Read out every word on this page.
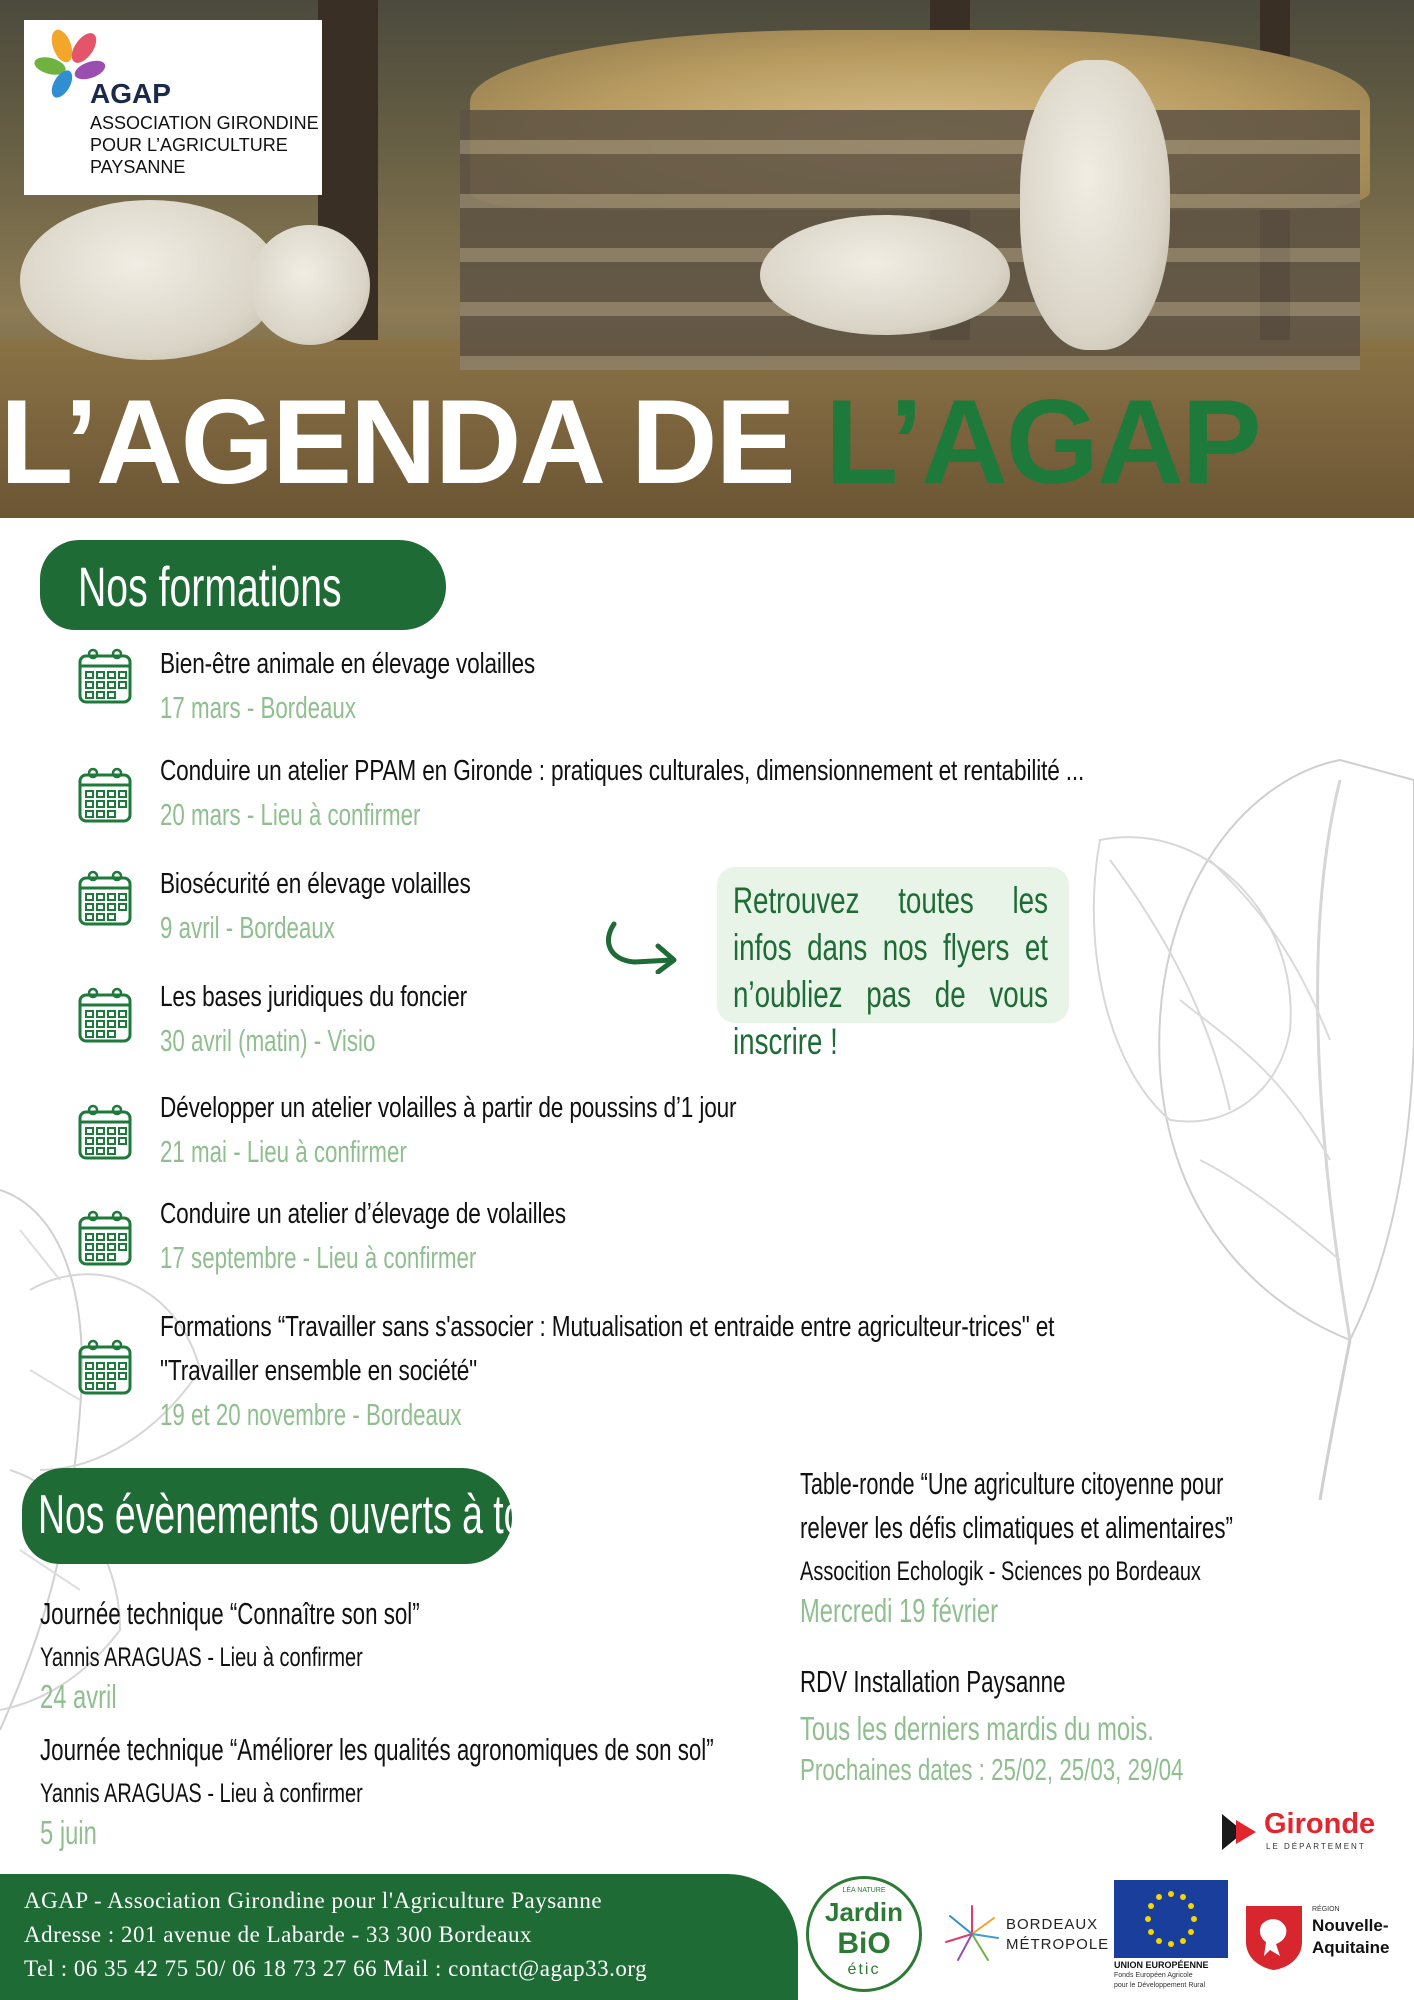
AGAP
ASSOCIATION GIRONDINE
POUR L’AGRICULTURE
PAYSANNE
L’AGENDA DE L’AGAP
Nos formations
Bien-être animale en élevage volailles
17 mars - Bordeaux
Conduire un atelier PPAM en Gironde : pratiques culturales, dimensionnement et rentabilité ...
20 mars - Lieu à confirmer
Biosécurité en élevage volailles
9 avril - Bordeaux
Les bases juridiques du foncier
30 avril (matin) - Visio
Développer un atelier volailles à partir de poussins d’1 jour
21 mai - Lieu à confirmer
Conduire un atelier d’élevage de volailles
17 septembre - Lieu à confirmer
Formations “Travailler sans s'associer : Mutualisation et entraide entre agriculteur-trices" et
"Travailler ensemble en société"
19 et 20 novembre - Bordeaux
Retrouvez toutes les infos dans nos flyers et n’oubliez pas de vous inscrire !
Nos évènements ouverts à tous
Journée technique “Connaître son sol”
Yannis ARAGUAS - Lieu à confirmer
24 avril
Journée technique “Améliorer les qualités agronomiques de son sol”
Yannis ARAGUAS - Lieu à confirmer
5 juin
Table-ronde “Une agriculture citoyenne pour
relever les défis climatiques et alimentaires”
Assocition Echologik - Sciences po Bordeaux
Mercredi 19 février
RDV Installation Paysanne
Tous les derniers mardis du mois.
Prochaines dates : 25/02, 25/03, 29/04
Gironde
LE DÉPARTEMENT
AGAP - Association Girondine pour l'Agriculture Paysanne
Adresse : 201 avenue de Labarde - 33 300 Bordeaux
Tel : 06 35 42 75 50/ 06 18 73 27 66 Mail : contact@agap33.org
LÉA NATURE
Jardin
BiO
étic
BORDEAUX
MÉTROPOLE
UNION EUROPÉENNE
Fonds Européen Agricole
pour le Développement Rural
RÉGION
Nouvelle-
Aquitaine
